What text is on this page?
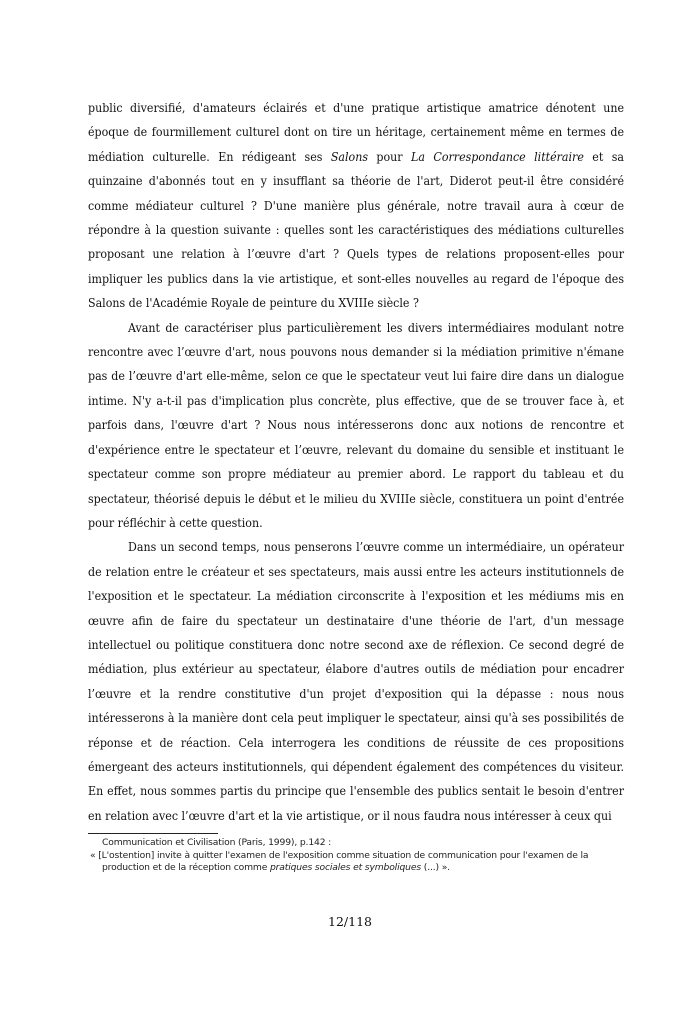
public diversifié, d'amateurs éclairés et d'une pratique artistique amatrice dénotent une époque de fourmillement culturel dont on tire un héritage, certainement même en termes de médiation culturelle. En rédigeant ses Salons pour La Correspondance littéraire et sa quinzaine d'abonnés tout en y insufflant sa théorie de l'art, Diderot peut-il être considéré comme médiateur culturel ? D'une manière plus générale, notre travail aura à cœur de répondre à la question suivante : quelles sont les caractéristiques des médiations culturelles proposant une relation à l’œuvre d'art ? Quels types de relations proposent-elles pour impliquer les publics dans la vie artistique, et sont-elles nouvelles au regard de l'époque des Salons de l'Académie Royale de peinture du XVIIIe siècle ?

Avant de caractériser plus particulièrement les divers intermédiaires modulant notre rencontre avec l’œuvre d'art, nous pouvons nous demander si la médiation primitive n'émane pas de l’œuvre d'art elle-même, selon ce que le spectateur veut lui faire dire dans un dialogue intime. N'y a-t-il pas d'implication plus concrète, plus effective, que de se trouver face à, et parfois dans, l'œuvre d'art ? Nous nous intéresserons donc aux notions de rencontre et d'expérience entre le spectateur et l’œuvre, relevant du domaine du sensible et instituant le spectateur comme son propre médiateur au premier abord. Le rapport du tableau et du spectateur, théorisé depuis le début et le milieu du XVIIIe siècle, constituera un point d'entrée pour réfléchir à cette question.

Dans un second temps, nous penserons l’œuvre comme un intermédiaire, un opérateur de relation entre le créateur et ses spectateurs, mais aussi entre les acteurs institutionnels de l'exposition et le spectateur. La médiation circonscrite à l'exposition et les médiums mis en œuvre afin de faire du spectateur un destinataire d'une théorie de l'art, d'un message intellectuel ou politique constituera donc notre second axe de réflexion. Ce second degré de médiation, plus extérieur au spectateur, élabore d'autres outils de médiation pour encadrer l’œuvre et la rendre constitutive d'un projet d'exposition qui la dépasse : nous nous intéresserons à la manière dont cela peut impliquer le spectateur, ainsi qu'à ses possibilités de réponse et de réaction. Cela interrogera les conditions de réussite de ces propositions émergeant des acteurs institutionnels, qui dépendent également des compétences du visiteur. En effet, nous sommes partis du principe que l'ensemble des publics sentait le besoin d'entrer en relation avec l’œuvre d'art et la vie artistique, or il nous faudra nous intéresser à ceux qui

Communication et Civilisation (Paris, 1999), p.142 :

« [L'ostention] invite à quitter l'examen de l'exposition comme situation de communication pour l'examen de la production et de la réception comme pratiques sociales et symboliques (...) ».

12/118
